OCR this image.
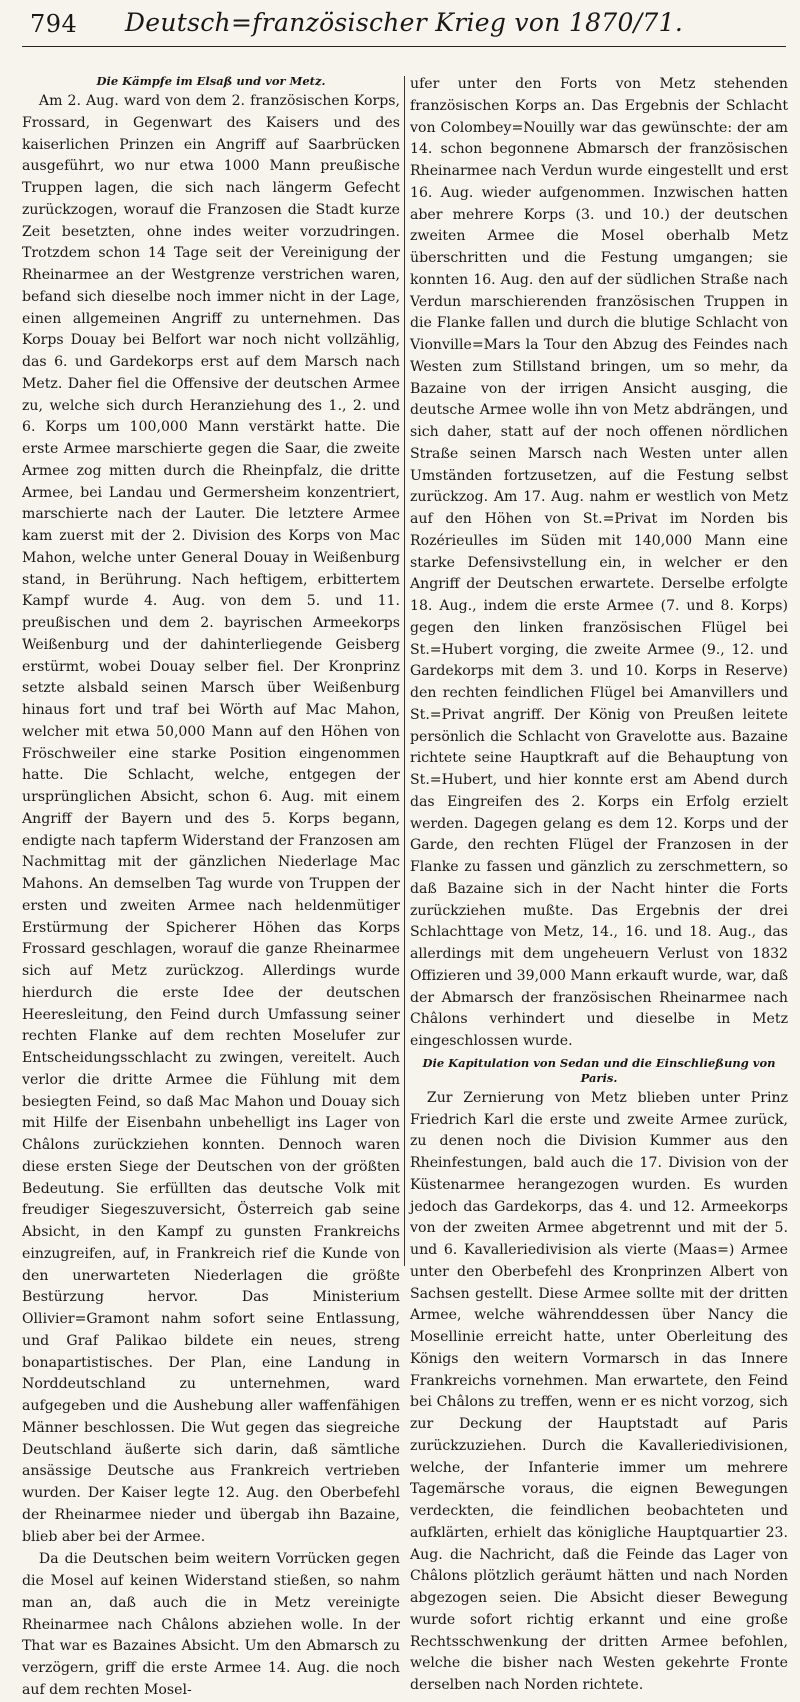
794	Deutsch=französischer Krieg von 1870/71.
Die Kämpfe im Elsaß und vor Metz.

Am 2. Aug. ward von dem 2. französischen Korps, Frossard, in Gegenwart des Kaisers und des kaiserlichen Prinzen ein Angriff auf Saarbrücken ausgeführt, wo nur etwa 1000 Mann preußische Truppen lagen, die sich nach längerm Gefecht zurückzogen, worauf die Franzosen die Stadt kurze Zeit besetzten, ohne indes weiter vorzudringen. Trotzdem schon 14 Tage seit der Vereinigung der Rheinarmee an der Westgrenze verstrichen waren, befand sich dieselbe noch immer nicht in der Lage, einen allgemeinen Angriff zu unternehmen. Das Korps Douay bei Belfort war noch nicht vollzählig, das 6. und Gardekorps erst auf dem Marsch nach Metz. Daher fiel die Offensive der deutschen Armee zu, welche sich durch Heranziehung des 1., 2. und 6. Korps um 100,000 Mann verstärkt hatte. Die erste Armee marschierte gegen die Saar, die zweite Armee zog mitten durch die Rheinpfalz, die dritte Armee, bei Landau und Germersheim konzentriert, marschierte nach der Lauter. Die letztere Armee kam zuerst mit der 2. Division des Korps von Mac Mahon, welche unter General Douay in Weißenburg stand, in Berührung. Nach heftigem, erbittertem Kampf wurde 4. Aug. von dem 5. und 11. preußischen und dem 2. bayrischen Armeekorps Weißenburg und der dahinterliegende Geisberg erstürmt, wobei Douay selber fiel. Der Kronprinz setzte alsbald seinen Marsch über Weißenburg hinaus fort und traf bei Wörth auf Mac Mahon, welcher mit etwa 50,000 Mann auf den Höhen von Fröschweiler eine starke Position eingenommen hatte. Die Schlacht, welche, entgegen der ursprünglichen Absicht, schon 6. Aug. mit einem Angriff der Bayern und des 5. Korps begann, endigte nach tapferm Widerstand der Franzosen am Nachmittag mit der gänzlichen Niederlage Mac Mahons. An demselben Tag wurde von Truppen der ersten und zweiten Armee nach heldenmütiger Erstürmung der Spicherer Höhen das Korps Frossard geschlagen, worauf die ganze Rheinarmee sich auf Metz zurückzog. Allerdings wurde hierdurch die erste Idee der deutschen Heeresleitung, den Feind durch Umfassung seiner rechten Flanke auf dem rechten Moselufer zur Entscheidungsschlacht zu zwingen, vereitelt. Auch verlor die dritte Armee die Fühlung mit dem besiegten Feind, so daß Mac Mahon und Douay sich mit Hilfe der Eisenbahn unbehelligt ins Lager von Châlons zurückziehen konnten. Dennoch waren diese ersten Siege der Deutschen von der größten Bedeutung. Sie erfüllten das deutsche Volk mit freudiger Siegeszuversicht, Österreich gab seine Absicht, in den Kampf zu gunsten Frankreichs einzugreifen, auf, in Frankreich rief die Kunde von den unerwarteten Niederlagen die größte Bestürzung hervor. Das Ministerium Ollivier=Gramont nahm sofort seine Entlassung, und Graf Palikao bildete ein neues, streng bonapartistisches. Der Plan, eine Landung in Norddeutschland zu unternehmen, ward aufgegeben und die Aushebung aller waffenfähigen Männer beschlossen. Die Wut gegen das siegreiche Deutschland äußerte sich darin, daß sämtliche ansässige Deutsche aus Frankreich vertrieben wurden. Der Kaiser legte 12. Aug. den Oberbefehl der Rheinarmee nieder und übergab ihn Bazaine, blieb aber bei der Armee.

Da die Deutschen beim weitern Vorrücken gegen die Mosel auf keinen Widerstand stießen, so nahm man an, daß auch die in Metz vereinigte Rheinarmee nach Châlons abziehen wolle. In der That war es Bazaines Absicht. Um den Abmarsch zu verzögern, griff die erste Armee 14. Aug. die noch auf dem rechten Mosel-

ufer unter den Forts von Metz stehenden französischen Korps an. Das Ergebnis der Schlacht von Colombey=Nouilly war das gewünschte: der am 14. schon begonnene Abmarsch der französischen Rheinarmee nach Verdun wurde eingestellt und erst 16. Aug. wieder aufgenommen. Inzwischen hatten aber mehrere Korps (3. und 10.) der deutschen zweiten Armee die Mosel oberhalb Metz überschritten und die Festung umgangen; sie konnten 16. Aug. den auf der südlichen Straße nach Verdun marschierenden französischen Truppen in die Flanke fallen und durch die blutige Schlacht von Vionville=Mars la Tour den Abzug des Feindes nach Westen zum Stillstand bringen, um so mehr, da Bazaine von der irrigen Ansicht ausging, die deutsche Armee wolle ihn von Metz abdrängen, und sich daher, statt auf der noch offenen nördlichen Straße seinen Marsch nach Westen unter allen Umständen fortzusetzen, auf die Festung selbst zurückzog. Am 17. Aug. nahm er westlich von Metz auf den Höhen von St.=Privat im Norden bis Rozérieulles im Süden mit 140,000 Mann eine starke Defensivstellung ein, in welcher er den Angriff der Deutschen erwartete. Derselbe erfolgte 18. Aug., indem die erste Armee (7. und 8. Korps) gegen den linken französischen Flügel bei St.=Hubert vorging, die zweite Armee (9., 12. und Gardekorps mit dem 3. und 10. Korps in Reserve) den rechten feindlichen Flügel bei Amanvillers und St.=Privat angriff. Der König von Preußen leitete persönlich die Schlacht von Gravelotte aus. Bazaine richtete seine Hauptkraft auf die Behauptung von St.=Hubert, und hier konnte erst am Abend durch das Eingreifen des 2. Korps ein Erfolg erzielt werden. Dagegen gelang es dem 12. Korps und der Garde, den rechten Flügel der Franzosen in der Flanke zu fassen und gänzlich zu zerschmettern, so daß Bazaine sich in der Nacht hinter die Forts zurückziehen mußte. Das Ergebnis der drei Schlachttage von Metz, 14., 16. und 18. Aug., das allerdings mit dem ungeheuern Verlust von 1832 Offizieren und 39,000 Mann erkauft wurde, war, daß der Abmarsch der französischen Rheinarmee nach Châlons verhindert und dieselbe in Metz eingeschlossen wurde.

Die Kapitulation von Sedan und die Einschließung von Paris.

Zur Zernierung von Metz blieben unter Prinz Friedrich Karl die erste und zweite Armee zurück, zu denen noch die Division Kummer aus den Rheinfestungen, bald auch die 17. Division von der Küstenarmee herangezogen wurden. Es wurden jedoch das Gardekorps, das 4. und 12. Armeekorps von der zweiten Armee abgetrennt und mit der 5. und 6. Kavalleriedivision als vierte (Maas=) Armee unter den Oberbefehl des Kronprinzen Albert von Sachsen gestellt. Diese Armee sollte mit der dritten Armee, welche währenddessen über Nancy die Mosellinie erreicht hatte, unter Oberleitung des Königs den weitern Vormarsch in das Innere Frankreichs vornehmen. Man erwartete, den Feind bei Châlons zu treffen, wenn er es nicht vorzog, sich zur Deckung der Hauptstadt auf Paris zurückzuziehen. Durch die Kavalleriedivisionen, welche, der Infanterie immer um mehrere Tagemärsche voraus, die eignen Bewegungen verdeckten, die feindlichen beobachteten und aufklärten, erhielt das königliche Hauptquartier 23. Aug. die Nachricht, daß die Feinde das Lager von Châlons plötzlich geräumt hätten und nach Norden abgezogen seien. Die Absicht dieser Bewegung wurde sofort richtig erkannt und eine große Rechtsschwenkung der dritten Armee befohlen, welche die bisher nach Westen gekehrte Fronte derselben nach Norden richtete.
